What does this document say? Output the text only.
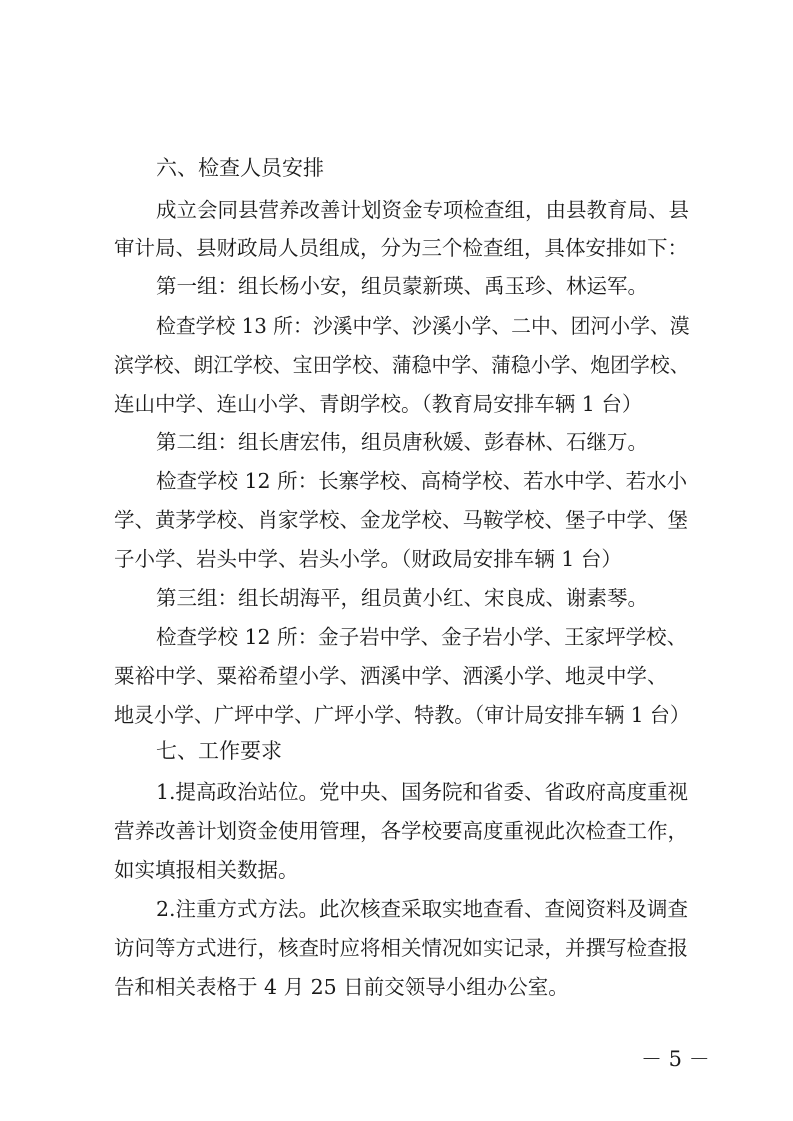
六、检查人员安排
成立会同县营养改善计划资金专项检查组，由县教育局、县
审计局、县财政局人员组成，分为三个检查组，具体安排如下：
第一组：组长杨小安，组员蒙新瑛、禹玉珍、林运军。
检查学校 13 所：沙溪中学、沙溪小学、二中、团河小学、漠
滨学校、朗江学校、宝田学校、蒲稳中学、蒲稳小学、炮团学校、
连山中学、连山小学、青朗学校。（教育局安排车辆 1 台）
第二组：组长唐宏伟，组员唐秋媛、彭春林、石继万。
检查学校 12 所：长寨学校、高椅学校、若水中学、若水小
学、黄茅学校、肖家学校、金龙学校、马鞍学校、堡子中学、堡
子小学、岩头中学、岩头小学。（财政局安排车辆 1 台）
第三组：组长胡海平，组员黄小红、宋良成、谢素琴。
检查学校 12 所：金子岩中学、金子岩小学、王家坪学校、
粟裕中学、粟裕希望小学、洒溪中学、洒溪小学、地灵中学、
地灵小学、广坪中学、广坪小学、特教。（审计局安排车辆 1 台）
七、工作要求
1.提高政治站位。党中央、国务院和省委、省政府高度重视
营养改善计划资金使用管理，各学校要高度重视此次检查工作，
如实填报相关数据。
2.注重方式方法。此次核查采取实地查看、查阅资料及调查
访问等方式进行，核查时应将相关情况如实记录，并撰写检查报
告和相关表格于 4 月 25 日前交领导小组办公室。
－ 5 －
